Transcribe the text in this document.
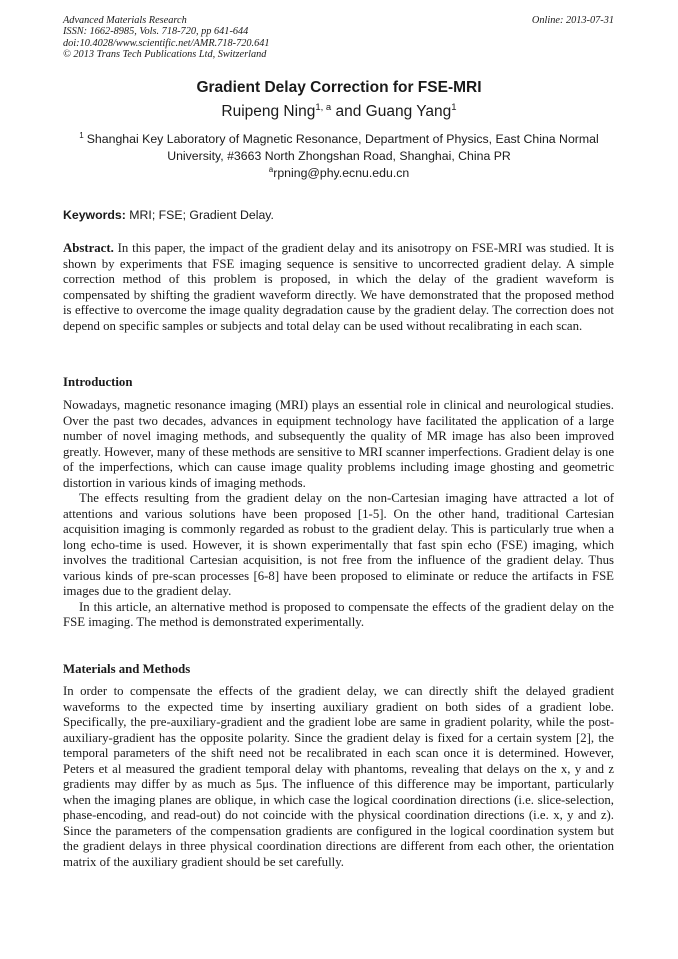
Advanced Materials Research
ISSN: 1662-8985, Vols. 718-720, pp 641-644
doi:10.4028/www.scientific.net/AMR.718-720.641
© 2013 Trans Tech Publications Ltd, Switzerland
Online: 2013-07-31
Gradient Delay Correction for FSE-MRI
Ruipeng Ning$^{1, a}$ and Guang Yang$^1$
$^1$ Shanghai Key Laboratory of Magnetic Resonance, Department of Physics, East China Normal University, #3663 North Zhongshan Road, Shanghai, China PR
$^a$rpning@phy.ecnu.edu.cn
Keywords: MRI; FSE; Gradient Delay.

Abstract. In this paper, the impact of the gradient delay and its anisotropy on FSE-MRI was studied. It is shown by experiments that FSE imaging sequence is sensitive to uncorrected gradient delay. A simple correction method of this problem is proposed, in which the delay of the gradient waveform is compensated by shifting the gradient waveform directly. We have demonstrated that the proposed method is effective to overcome the image quality degradation cause by the gradient delay. The correction does not depend on specific samples or subjects and total delay can be used without recalibrating in each scan.

Introduction

Nowadays, magnetic resonance imaging (MRI) plays an essential role in clinical and neurological studies. Over the past two decades, advances in equipment technology have facilitated the application of a large number of novel imaging methods, and subsequently the quality of MR image has also been improved greatly. However, many of these methods are sensitive to MRI scanner imperfections. Gradient delay is one of the imperfections, which can cause image quality problems including image ghosting and geometric distortion in various kinds of imaging methods.

The effects resulting from the gradient delay on the non-Cartesian imaging have attracted a lot of attentions and various solutions have been proposed [1-5]. On the other hand, traditional Cartesian acquisition imaging is commonly regarded as robust to the gradient delay. This is particularly true when a long echo-time is used. However, it is shown experimentally that fast spin echo (FSE) imaging, which involves the traditional Cartesian acquisition, is not free from the influence of the gradient delay. Thus various kinds of pre-scan processes [6-8] have been proposed to eliminate or reduce the artifacts in FSE images due to the gradient delay.

In this article, an alternative method is proposed to compensate the effects of the gradient delay on the FSE imaging. The method is demonstrated experimentally.

Materials and Methods

In order to compensate the effects of the gradient delay, we can directly shift the delayed gradient waveforms to the expected time by inserting auxiliary gradient on both sides of a gradient lobe. Specifically, the pre-auxiliary-gradient and the gradient lobe are same in gradient polarity, while the post-auxiliary-gradient has the opposite polarity. Since the gradient delay is fixed for a certain system [2], the temporal parameters of the shift need not be recalibrated in each scan once it is determined. However, Peters et al measured the gradient temporal delay with phantoms, revealing that delays on the x, y and z gradients may differ by as much as 5μs. The influence of this difference may be important, particularly when the imaging planes are oblique, in which case the logical coordination directions (i.e. slice-selection, phase-encoding, and read-out) do not coincide with the physical coordination directions (i.e. x, y and z). Since the parameters of the compensation gradients are configured in the logical coordination system but the gradient delays in three physical coordination directions are different from each other, the orientation matrix of the auxiliary gradient should be set carefully.
